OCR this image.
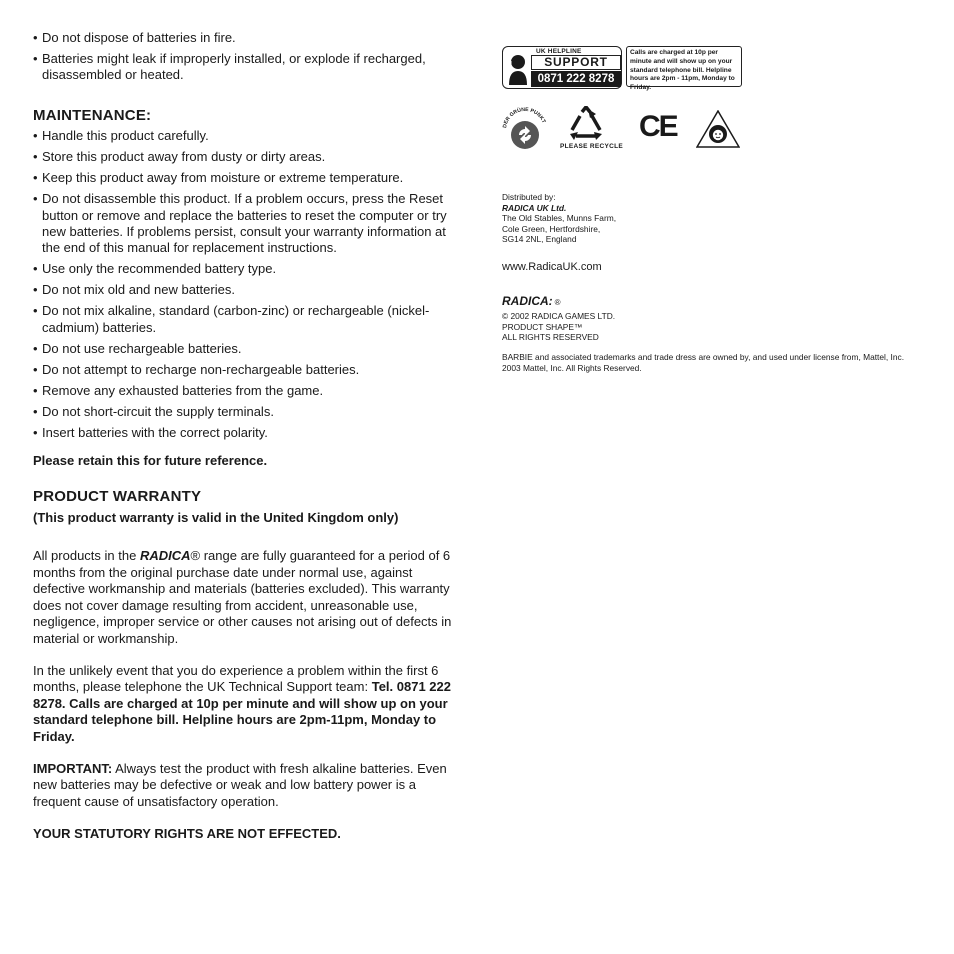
• Do not dispose of batteries in fire.
• Batteries might leak if improperly installed, or explode if recharged, disassembled or heated.
MAINTENANCE:
• Handle this product carefully.
• Store this product away from dusty or dirty areas.
• Keep this product away from moisture or extreme temperature.
• Do not disassemble this product. If a problem occurs, press the Reset button or remove and replace the batteries to reset the computer or try new batteries. If problems persist, consult your warranty information at the end of this manual for replacement instructions.
• Use only the recommended battery type.
• Do not mix old and new batteries.
• Do not mix alkaline, standard (carbon-zinc) or rechargeable (nickel-cadmium) batteries.
• Do not use rechargeable batteries.
• Do not attempt to recharge non-rechargeable batteries.
• Remove any exhausted batteries from the game.
• Do not short-circuit the supply terminals.
• Insert batteries with the correct polarity.

Please retain this for future reference.

PRODUCT WARRANTY

(This product warranty is valid in the United Kingdom only)

All products in the RADICA® range are fully guaranteed for a period of 6 months from the original purchase date under normal use, against defective workmanship and materials (batteries excluded). This warranty does not cover damage resulting from accident, unreasonable use, negligence, improper service or other causes not arising out of defects in material or workmanship.

In the unlikely event that you do experience a problem within the first 6 months, please telephone the UK Technical Support team: Tel. 0871 222 8278. Calls are charged at 10p per minute and will show up on your standard telephone bill. Helpline hours are 2pm-11pm, Monday to Friday.

IMPORTANT: Always test the product with fresh alkaline batteries. Even new batteries may be defective or weak and low battery power is a frequent cause of unsatisfactory operation.

YOUR STATUTORY RIGHTS ARE NOT EFFECTED.

UK HELPLINE
SUPPORT
0871 222 8278
Calls are charged at 10p per minute and will show up on your standard telephone bill. Helpline hours are 2pm - 11pm, Monday to Friday.
DER GRÜNE PUNKT
PLEASE RECYCLE
CE
Distributed by:
RADICA UK Ltd.
The Old Stables, Munns Farm,
Cole Green, Hertfordshire,
SG14 2NL, England
www.RadicaUK.com
RADICA: ®
© 2002 RADICA GAMES LTD.
PRODUCT SHAPE™
ALL RIGHTS RESERVED
BARBIE and associated trademarks and trade dress are owned by, and used under license from, Mattel, Inc. 2003 Mattel, Inc. All Rights Reserved.
